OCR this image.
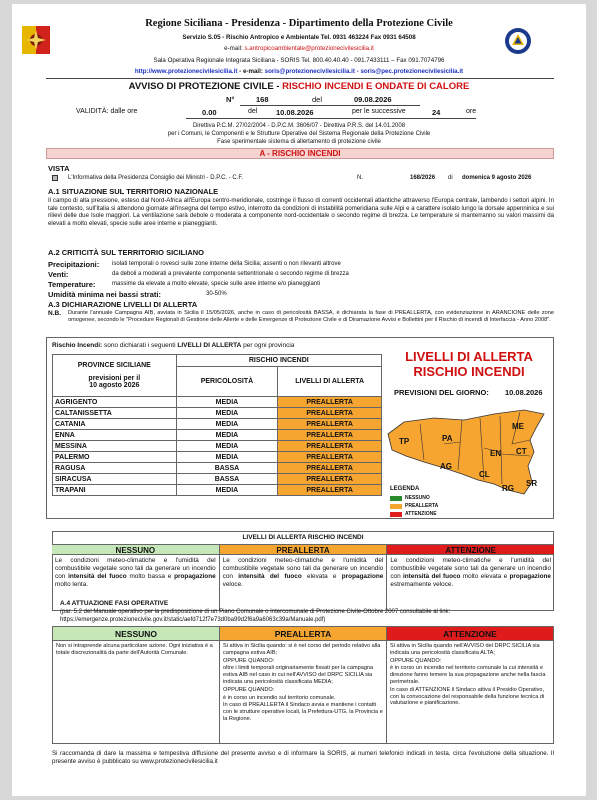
Regione Siciliana - Presidenza - Dipartimento della Protezione Civile
Servizio S.05 - Rischio Antropico e Ambientale Tel. 0931 463224 Fax 0931 64508
e-mail: s.antropicoambientale@protezionecivilesicilia.it
Sala Operativa Regionale Integrata Siciliana - SORIS Tel. 800.40.40.40 - 091.7433111 – Fax 091.7074796
http://www.protezionecivilesicilia.it - e-mail: soris@protezionecivilesicilia.it - soris@pec.protezionecivilesicilia.it
AVVISO DI PROTEZIONE CIVILE - RISCHIO INCENDI E ONDATE DI CALORE
N°	168	del	09.08.2026
VALIDITÀ: dalle ore	0.00	del 10.08.2026	per le successive	24	ore
Direttiva P.C.M. 27/02/2004 - D.P.C.M. 3606/07 - Direttiva P.R.S. del 14.01.2008
per i Comuni, le Componenti e le Strutture Operative del Sistema Regionale della Protezione Civile
Fase sperimentale sistema di allertamento di protezione civile
A - RISCHIO INCENDI
VISTA
L'Informativa della Presidenza Consiglio dei Ministri - D.P.C. - C.F.	N.	168/2026 di domenica 9 agosto 2026
A.1 SITUAZIONE SUL TERRITORIO NAZIONALE
Il campo di alta pressione, esteso dal Nord-Africa all'Europa centro-meridionale, costringe il flusso di correnti occidentali atlantiche attraverso l'Europa centrale, lambendo i settori alpini. In tale contesto, sull'Italia si attendono giornate all'insegna del tempo estivo, interrotto da condizioni di instabilità pomeridiana sulle Alpi e a carattere isolato lungo la dorsale appenninica e sui rilievi delle due Isole maggiori. La ventilazione sarà debole o moderata a componente nord-occidentale o secondo regime di brezza. Le temperature si manterranno su valori massimi da elevati a molto elevati, specie sulle aree interne e pianeggianti.
A.2 CRITICITÀ SUL TERRITORIO SICILIANO
Precipitazioni: isolati temporali o rovesci sulle zone interne della Sicilia; assenti o non rilevanti altrove
Venti:	da deboli a moderati a prevalente componente settentrionale o secondo regime di brezza
Temperature:	massime da elevate a molto elevate, specie sulle aree interne e/o pianeggianti
Umidità minima nei bassi strati:	30-50%
A.3 DICHIARAZIONE LIVELLI DI ALLERTA
N.B. Durante l'annuale Campagna AIB, avviata in Sicilia il 15/05/2026, anche in caso di pericolosità BASSA, è dichiarata la fase di PREALLERTA, con evidenziazione in ARANCIONE delle zone omogenee, secondo le "Procedure Regionali di Gestione delle Allerte e delle Emergenze di Protezione Civile e di Diramazione Avvisi e Bollettini per il Rischio di incendi di Interfaccia - Anno 2008".
Rischio Incendi: sono dichiarati i seguenti LIVELLI DI ALLERTA per ogni provincia
PROVINCE SICILIANE
previsioni per il
10 agosto 2026	RISCHIO INCENDI	
	PERICOLOSITÀ	LIVELLI DI ALLERTA
AGRIGENTO	MEDIA	PREALLERTA
CALTANISSETTA	MEDIA	PREALLERTA
CATANIA	MEDIA	PREALLERTA
ENNA	MEDIA	PREALLERTA
MESSINA	MEDIA	PREALLERTA
PALERMO	MEDIA	PREALLERTA
RAGUSA	BASSA	PREALLERTA
SIRACUSA	BASSA	PREALLERTA
TRAPANI	MEDIA	PREALLERTA
LIVELLI DI ALLERTA
RISCHIO INCENDI
PREVISIONI DEL GIORNO: 10.08.2026
TP	PA
ME
AG
CL
EN CT
RG
SR
LEGENDA
NESSUNO
PREALLERTA
ATTENZIONE
LIVELLI DI ALLERTA RISCHIO INCENDI
NESSUNO
Le condizioni meteo-climatiche e l'umidità del combustibile vegetale sono tali da generare un incendio con intensità del fuoco molto bassa e propagazione molto lenta.
PREALLERTA
Le condizioni meteo-climatiche e l'umidità del combustibile vegetale sono tali da generare un incendio con intensità del fuoco elevata e propagazione veloce.
ATTENZIONE
Le condizioni meteo-climatiche e l'umidità del combustibile vegetale sono tali da generare un incendio con intensità del fuoco molto elevata e propagazione estremamente veloce.
A.4 ATTUAZIONE FASI OPERATIVE
(par. 5.2 del Manuale operativo per la predisposizione di un Piano Comunale o Intercomunale di Protezione Civile-Ottobre 2007 consultabile al link:
https://emergenze.protezionecivile.gov.it/static/aefd712f7e73d0ba99d2f6a9a6063c39a/Manuale.pdf)
NESSUNO
Non si intraprende alcuna particolare azione. Ogni iniziativa è a totale discrezionalità da parte dell'Autorità Comunale.
PREALLERTA
Si attiva in Sicilia quando: si è nel corso del periodo relativo alla campagna estiva AIB;
OPPURE QUANDO:
oltre i limiti temporali originariamente fissati per la campagna estiva AIB nel caso in cui nell'AVVISO del DRPC SICILIA sia indicata una pericolosità classificata MEDIA;
OPPURE QUANDO:
è in corso un incendio sul territorio comunale.
In caso di PREALLERTA il Sindaco avvia e mantiene i contatti con le strutture operative locali, la Prefettura-UTG, la Provincia e la Regione.
ATTENZIONE
Si attiva in Sicilia quando nell'AVVISO del DRPC SICILIA sia indicata una pericolosità classificata ALTA;
OPPURE QUANDO:
è in corso un incendio nel territorio comunale la cui intensità e direzione fanno temere la sua propagazione anche nella fascia perimetrale.
In caso di ATTENZIONE il Sindaco attiva il Presidio Operativo, con la convocazione del responsabile della funzione tecnica di valutazione e pianificazione.
Si raccomanda di dare la massima e tempestiva diffusione del presente avviso e di informare la SORIS, ai numeri telefonici indicati in testa, circa l'evoluzione della situazione. Il presente avviso è pubblicato su www.protezionecivilesicilia.it
